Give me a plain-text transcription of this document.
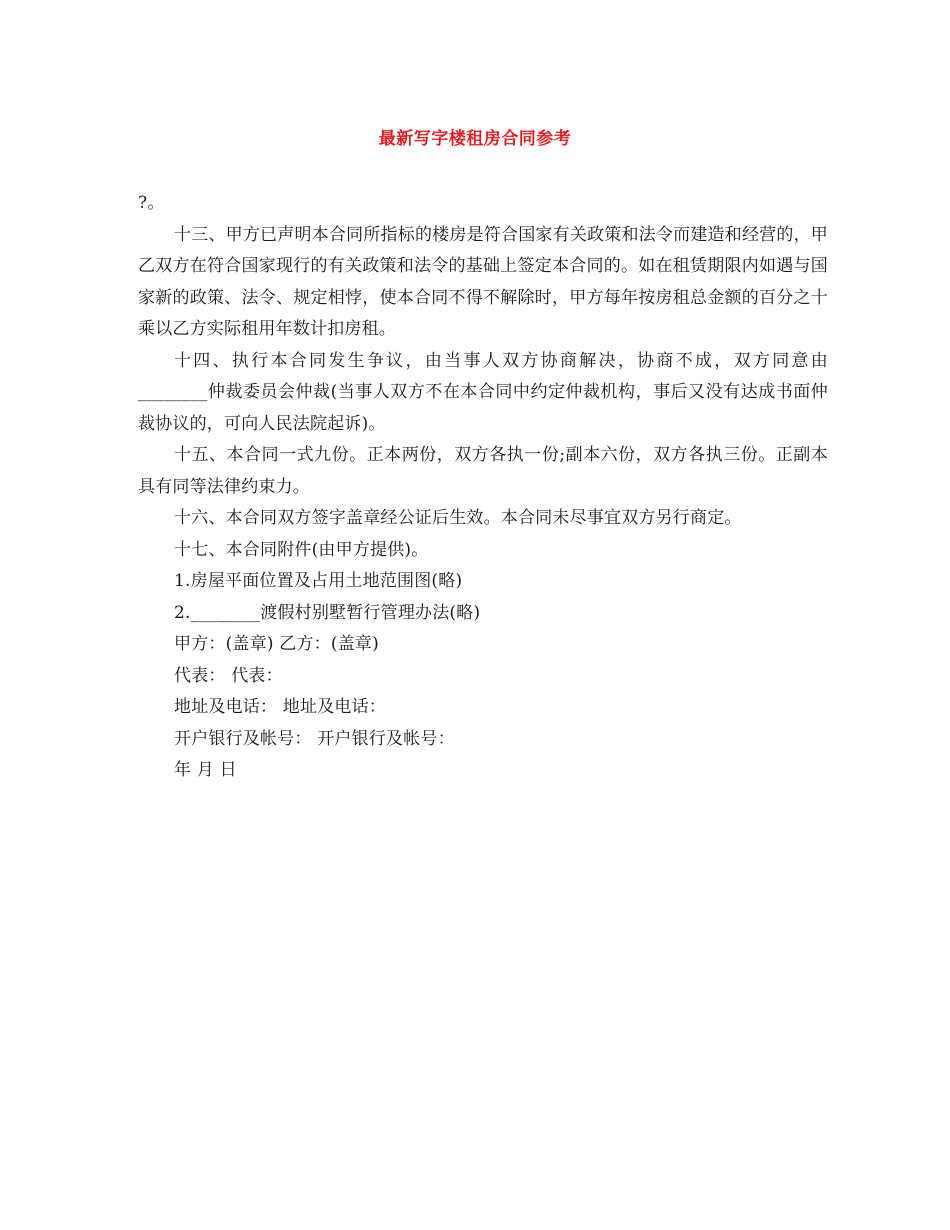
最新写字楼租房合同参考

?。

十三、甲方已声明本合同所指标的楼房是符合国家有关政策和法令而建造和经营的，甲乙双方在符合国家现行的有关政策和法令的基础上签定本合同的。如在租赁期限内如遇与国家新的政策、法令、规定相悖，使本合同不得不解除时，甲方每年按房租总金额的百分之十乘以乙方实际租用年数计扣房租。

十四、执行本合同发生争议，由当事人双方协商解决，协商不成，双方同意由________仲裁委员会仲裁(当事人双方不在本合同中约定仲裁机构，事后又没有达成书面仲裁协议的，可向人民法院起诉)。

十五、本合同一式九份。正本两份，双方各执一份;副本六份，双方各执三份。正副本具有同等法律约束力。

十六、本合同双方签字盖章经公证后生效。本合同未尽事宜双方另行商定。

十七、本合同附件(由甲方提供)。

1.房屋平面位置及占用土地范围图(略)

2.________渡假村别墅暂行管理办法(略)

甲方：(盖章) 乙方：(盖章)

代表： 代表：

地址及电话： 地址及电话：

开户银行及帐号： 开户银行及帐号：

年 月 日
